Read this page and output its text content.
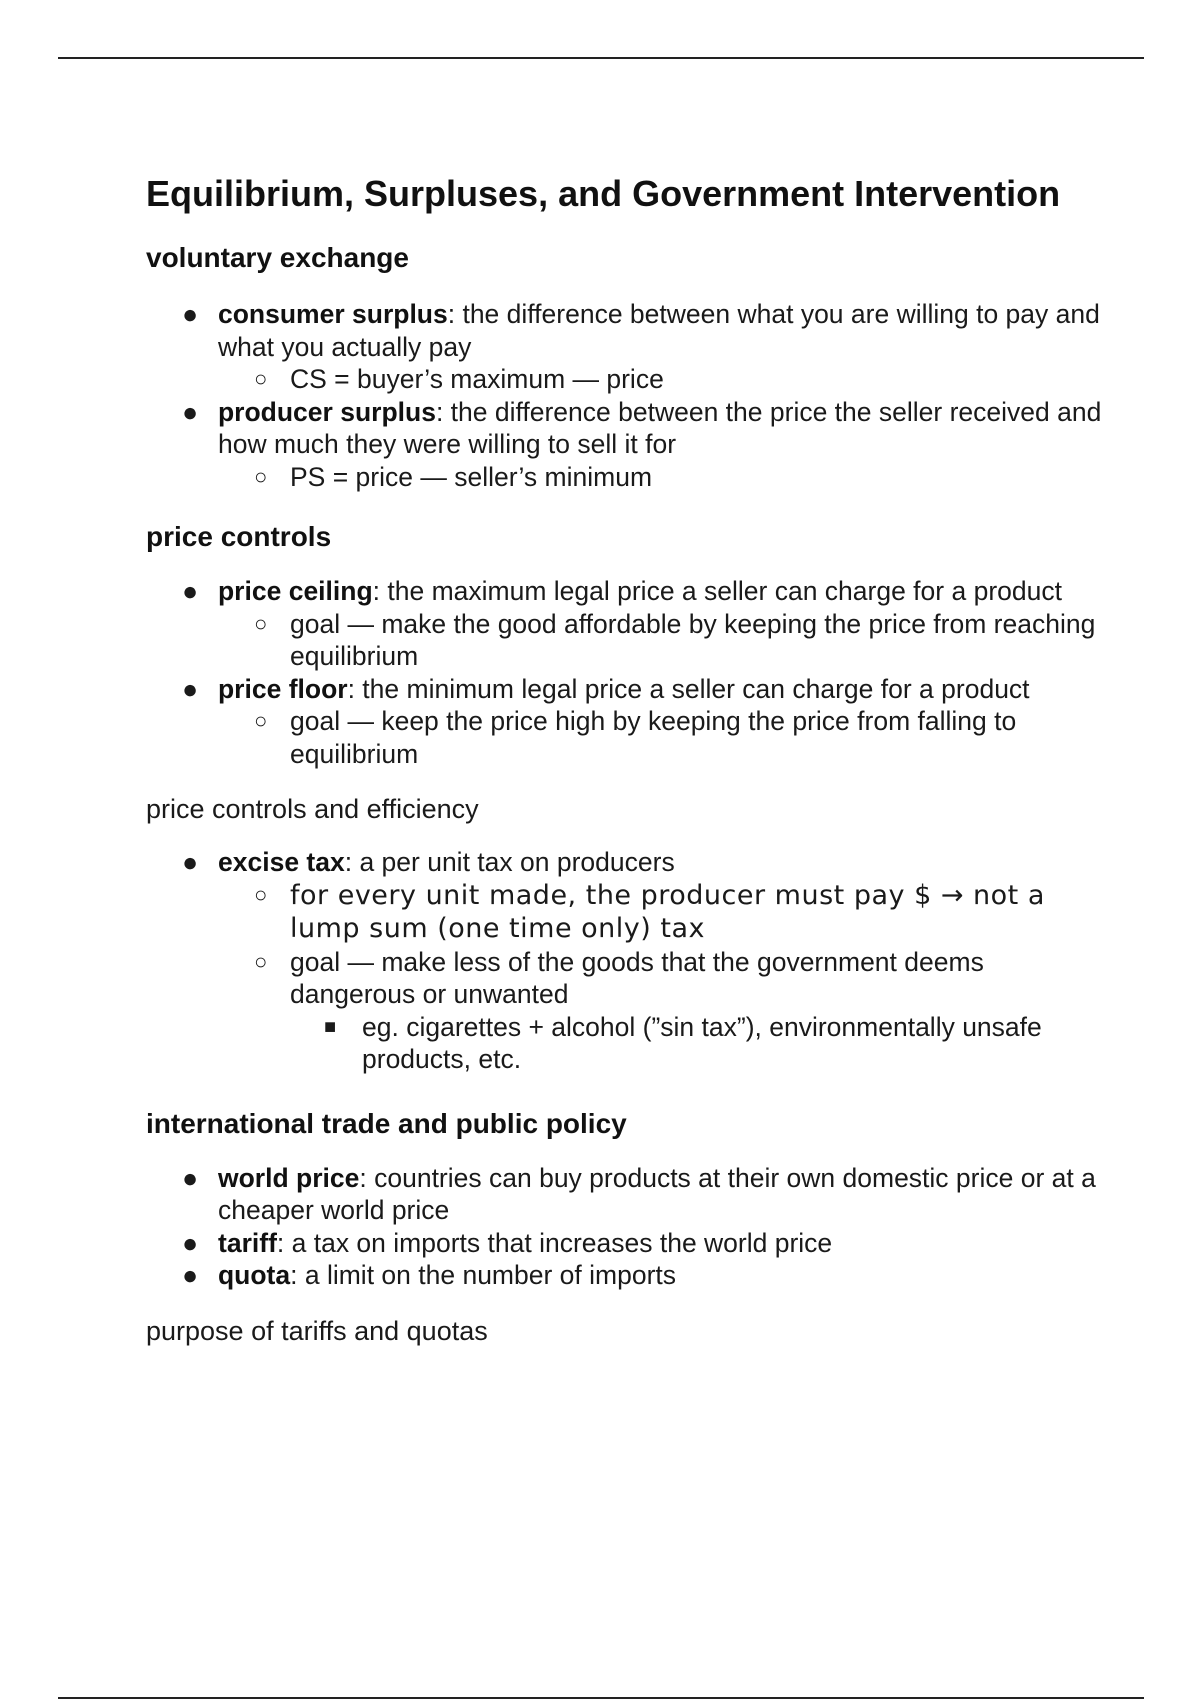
Equilibrium, Surpluses, and Government Intervention
voluntary exchange
● consumer surplus: the difference between what you are willing to pay and what you actually pay
○ CS = buyer’s maximum — price
● producer surplus: the difference between the price the seller received and how much they were willing to sell it for
○ PS = price — seller’s minimum
price controls
● price ceiling: the maximum legal price a seller can charge for a product
○ goal — make the good affordable by keeping the price from reaching equilibrium
● price floor: the minimum legal price a seller can charge for a product
○ goal — keep the price high by keeping the price from falling to equilibrium

price controls and efficiency

● excise tax: a per unit tax on producers
○ for every unit made, the producer must pay $ → not a lump sum (one time only) tax
○ goal — make less of the goods that the government deems dangerous or unwanted
■ eg. cigarettes + alcohol (”sin tax”), environmentally unsafe products, etc.
international trade and public policy
● world price: countries can buy products at their own domestic price or at a cheaper world price
● tariff: a tax on imports that increases the world price
● quota: a limit on the number of imports

purpose of tariffs and quotas
